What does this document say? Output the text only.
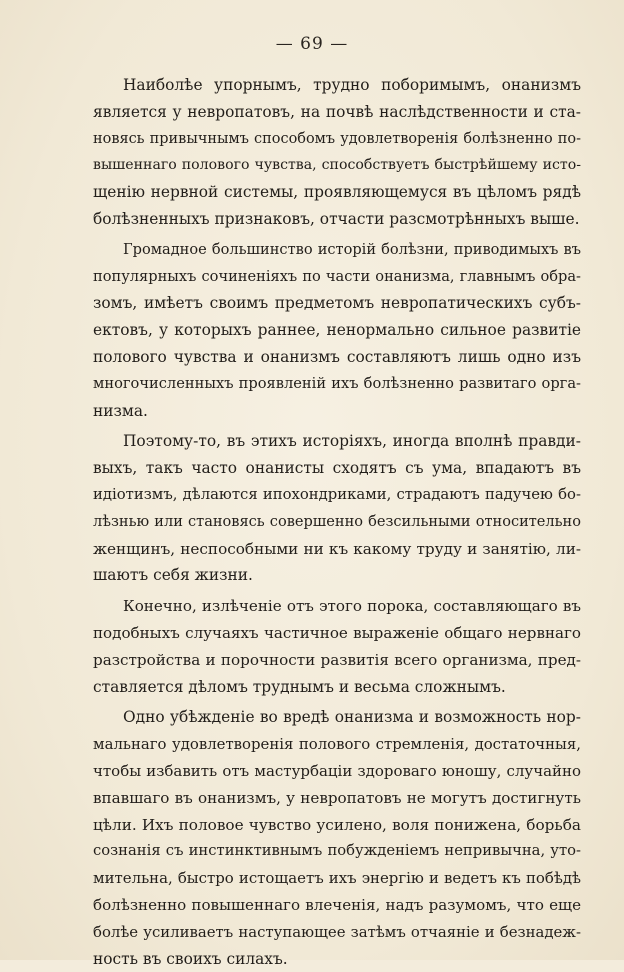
— 69 —
Наиболѣе упорнымъ, трудно поборимымъ, онанизмъ
является у невропатовъ, на почвѣ наслѣдственности и ста-
новясь привычнымъ способомъ удовлетворенія болѣзненно по-
вышеннаго полового чувства, способствуетъ быстрѣйшему исто-
щенію нервной системы, проявляющемуся въ цѣломъ рядѣ
болѣзненныхъ признаковъ, отчасти разсмотрѣнныхъ выше.
Громадное большинство исторій болѣзни, приводимыхъ въ
популярныхъ сочиненіяхъ по части онанизма, главнымъ обра-
зомъ, имѣетъ своимъ предметомъ невропатическихъ субъ-
ектовъ, у которыхъ раннее, ненормально сильное развитіе
полового чувства и онанизмъ составляютъ лишь одно изъ
многочисленныхъ проявленій ихъ болѣзненно развитаго орга-
низма.
Поэтому-то, въ этихъ исторіяхъ, иногда вполнѣ правди-
выхъ, такъ часто онанисты сходятъ съ ума, впадаютъ въ
идіотизмъ, дѣлаются ипохондриками, страдаютъ падучею бо-
лѣзнью или становясь совершенно безсильными относительно
женщинъ, неспособными ни къ какому труду и занятію, ли-
шаютъ себя жизни.
Конечно, излѣченіе отъ этого порока, составляющаго въ
подобныхъ случаяхъ частичное выраженіе общаго нервнаго
разстройства и порочности развитія всего организма, пред-
ставляется дѣломъ труднымъ и весьма сложнымъ.
Одно убѣжденіе во вредѣ онанизма и возможность нор-
мальнаго удовлетворенія полового стремленія, достаточныя,
чтобы избавить отъ мастурбаціи здороваго юношу, случайно
впавшаго въ онанизмъ, у невропатовъ не могутъ достигнуть
цѣли. Ихъ половое чувство усилено, воля понижена, борьба
сознанія съ инстинктивнымъ побужденіемъ непривычна, уто-
мительна, быстро истощаетъ ихъ энергію и ведетъ къ побѣдѣ
болѣзненно повышеннаго влеченія, надъ разумомъ, что еще
болѣе усиливаетъ наступающее затѣмъ отчаяніе и безнадеж-
ность въ своихъ силахъ.
